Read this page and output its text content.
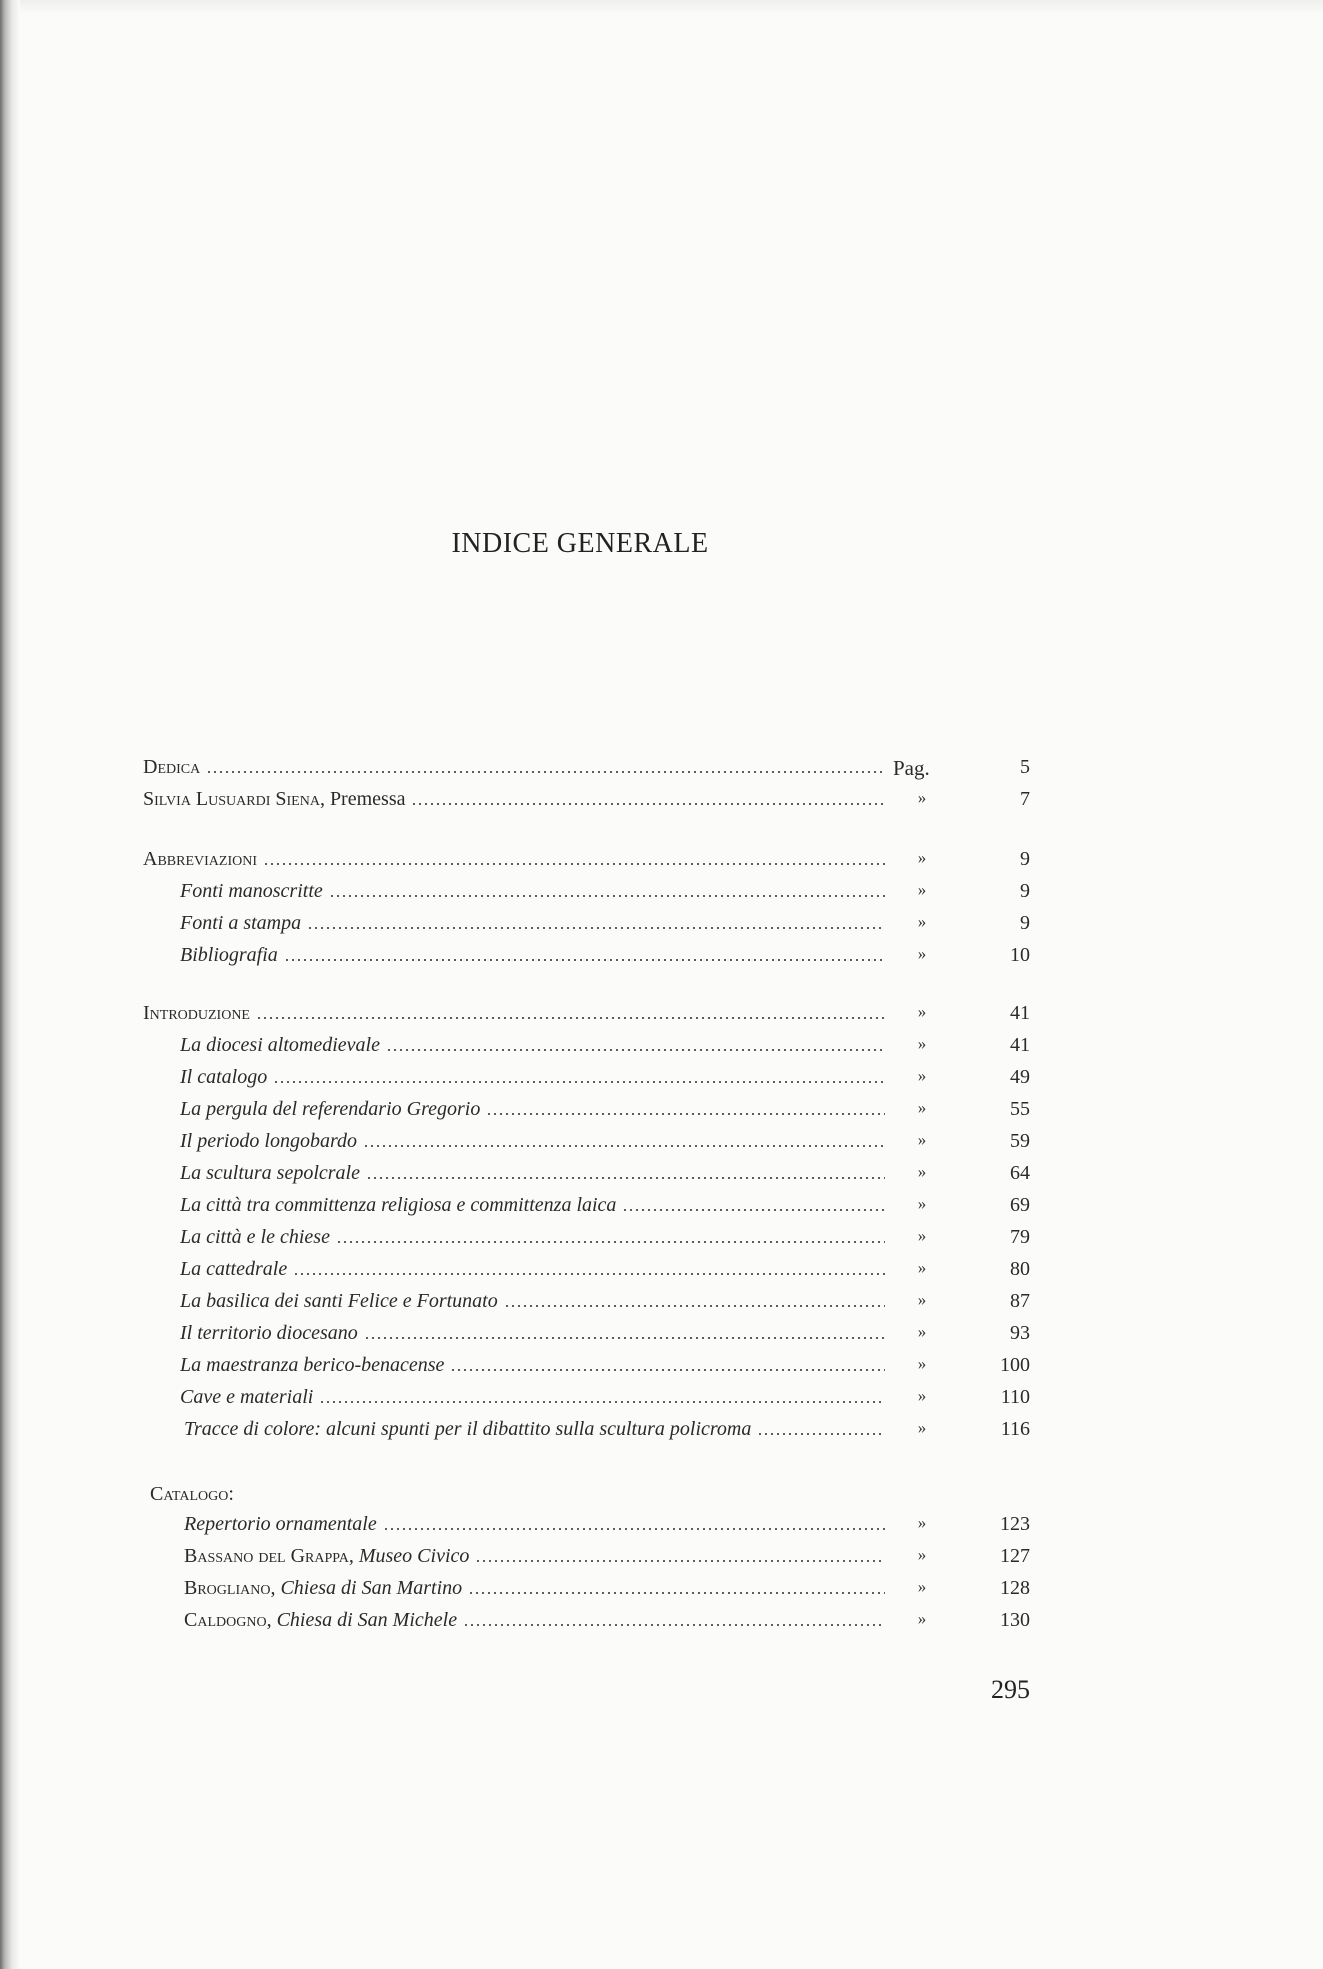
INDICE GENERALE
Dedica	Pag.	5
Silvia Lusuardi Siena, Premessa	»	7
Abbreviazioni	»	9
Fonti manoscritte	»	9
Fonti a stampa	»	9
Bibliografia	»	10
Introduzione	»	41
La diocesi altomedievale	»	41
Il catalogo	»	49
La pergula del referendario Gregorio	»	55
Il periodo longobardo	»	59
La scultura sepolcrale	»	64
La città tra committenza religiosa e committenza laica	»	69
La città e le chiese	»	79
La cattedrale	»	80
La basilica dei santi Felice e Fortunato	»	87
Il territorio diocesano	»	93
La maestranza berico-benacense	»	100
Cave e materiali	»	110
Tracce di colore: alcuni spunti per il dibattito sulla scultura policroma	»	116
Repertorio ornamentale	»	123
Bassano del Grappa, Museo Civico	»	127
Brogliano, Chiesa di San Martino	»	128
Caldogno, Chiesa di San Michele	»	130
Catalogo:
295
